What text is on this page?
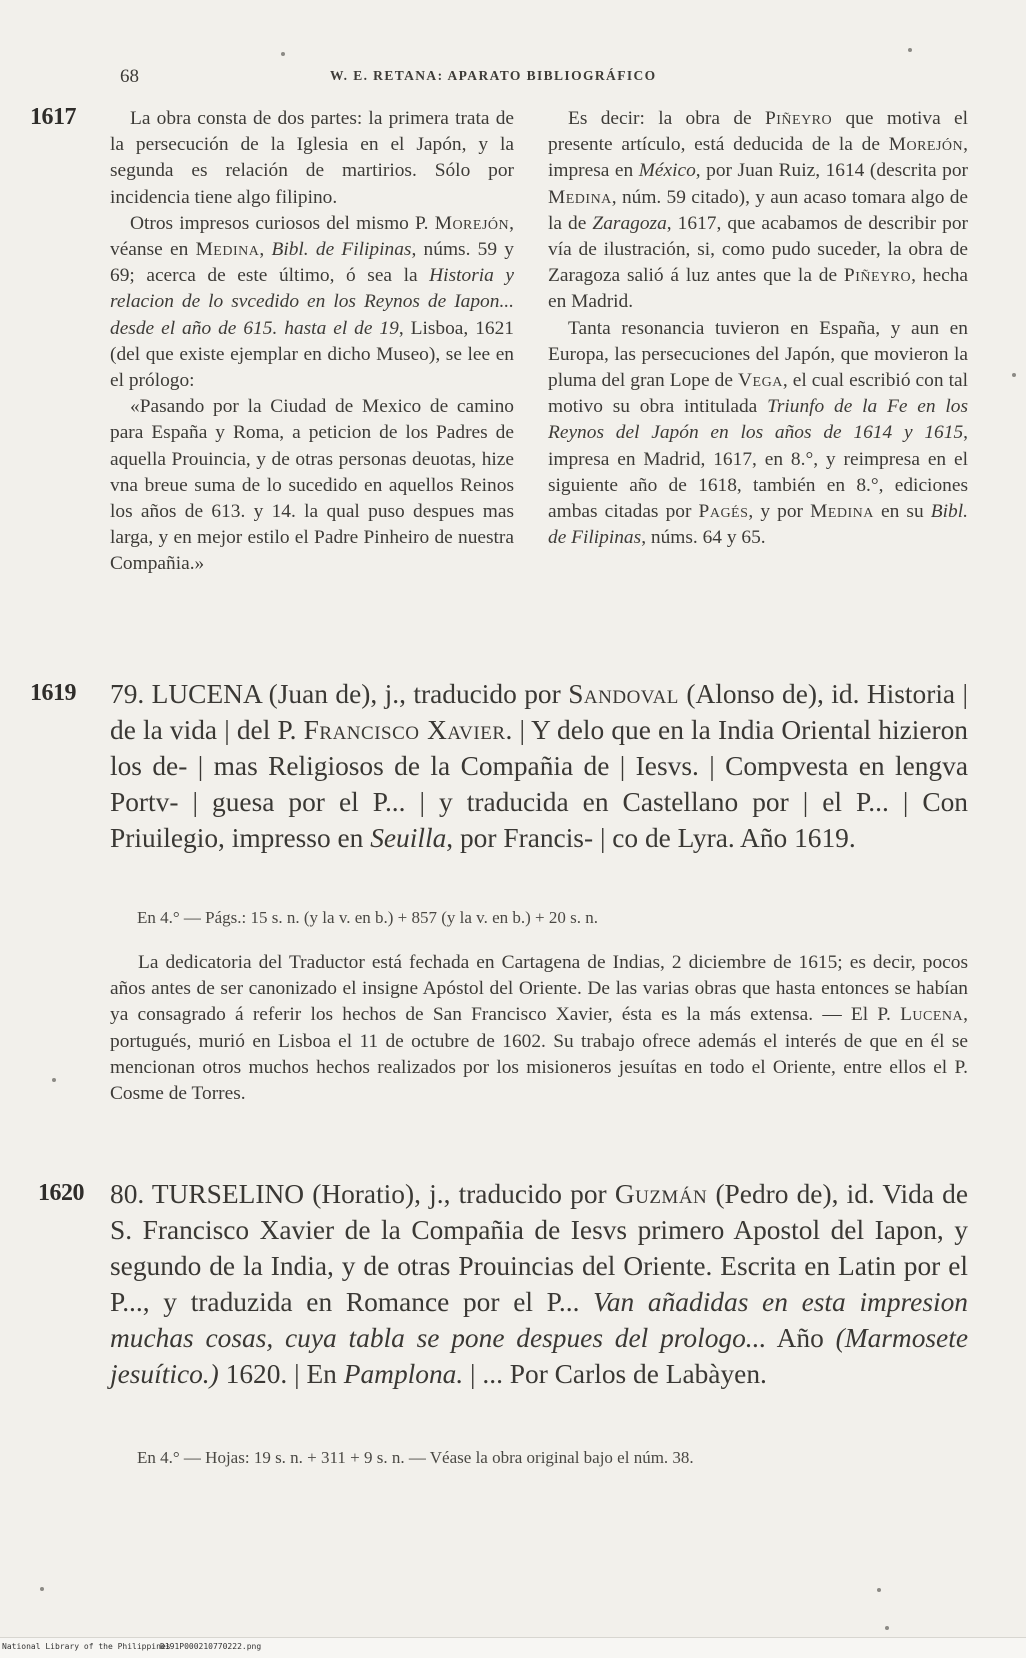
68	W. E. RETANA: APARATO BIBLIOGRÁFICO
1617	La obra consta de dos partes: la primera trata de la persecución de la Iglesia en el Japón, y la segunda es relación de martirios. Sólo por incidencia tiene algo filipino.

Otros impresos curiosos del mismo P. Morejón, véanse en Medina, Bibl. de Filipinas, núms. 59 y 69; acerca de este último, ó sea la Historia y relacion de lo svcedido en los Reynos de Iapon... desde el año de 615. hasta el de 19, Lisboa, 1621 (del que existe ejemplar en dicho Museo), se lee en el prólogo:

«Pasando por la Ciudad de Mexico de camino para España y Roma, a peticion de los Padres de aquella Prouincia, y de otras personas deuotas, hize vna breue suma de lo sucedido en aquellos Reinos los años de 613. y 14. la qual puso despues mas larga, y en mejor estilo el Padre Pinheiro de nuestra Compañia.»

Es decir: la obra de Piñeyro que motiva el presente artículo, está deducida de la de Morejón, impresa en México, por Juan Ruiz, 1614 (descrita por Medina, núm. 59 citado), y aun acaso tomara algo de la de Zaragoza, 1617, que acabamos de describir por vía de ilustración, si, como pudo suceder, la obra de Zaragoza salió á luz antes que la de Piñeyro, hecha en Madrid.

Tanta resonancia tuvieron en España, y aun en Europa, las persecuciones del Japón, que movieron la pluma del gran Lope de Vega, el cual escribió con tal motivo su obra intitulada Triunfo de la Fe en los Reynos del Japón en los años de 1614 y 1615, impresa en Madrid, 1617, en 8.°, y reimpresa en el siguiente año de 1618, también en 8.°, ediciones ambas citadas por Pagés, y por Medina en su Bibl. de Filipinas, núms. 64 y 65.

1619 79. LUCENA (Juan de), j., traducido por Sandoval (Alonso de), id. Historia | de la vida | del P. Francisco Xavier. | Y delo que en la India Oriental hizieron los de- | mas Religiosos de la Compañia de | Iesvs. | Compvesta en lengva Portv- | guesa por el P... | y traducida en Castellano por | el P... | Con Priuilegio, impresso en Seuilla, por Francis- | co de Lyra. Año 1619.
En 4.° — Págs.: 15 s. n. (y la v. en b.) + 857 (y la v. en b.) + 20 s. n.
La dedicatoria del Traductor está fechada en Cartagena de Indias, 2 diciembre de 1615; es decir, pocos años antes de ser canonizado el insigne Apóstol del Oriente. De las varias obras que hasta entonces se habían ya consagrado á referir los hechos de San Francisco Xavier, ésta es la más extensa. — El P. Lucena, portugués, murió en Lisboa el 11 de octubre de 1602. Su trabajo ofrece además el interés de que en él se mencionan otros muchos hechos realizados por los misioneros jesuítas en todo el Oriente, entre ellos el P. Cosme de Torres.
1620 80. TURSELINO (Horatio), j., traducido por Guzmán (Pedro de), id. Vida de S. Francisco Xavier de la Compañia de Iesvs primero Apostol del Iapon, y segundo de la India, y de otras Prouincias del Oriente. Escrita en Latin por el P..., y traduzida en Romance por el P... Van añadidas en esta impresion muchas cosas, cuya tabla se pone despues del prologo... Año (Marmosete jesuítico.) 1620. | En Pamplona. | ... Por Carlos de Labàyen.
En 4.° — Hojas: 19 s. n. + 311 + 9 s. n. — Véase la obra original bajo el núm. 38.
National Library of the Philippines
D191P000210770222.png
